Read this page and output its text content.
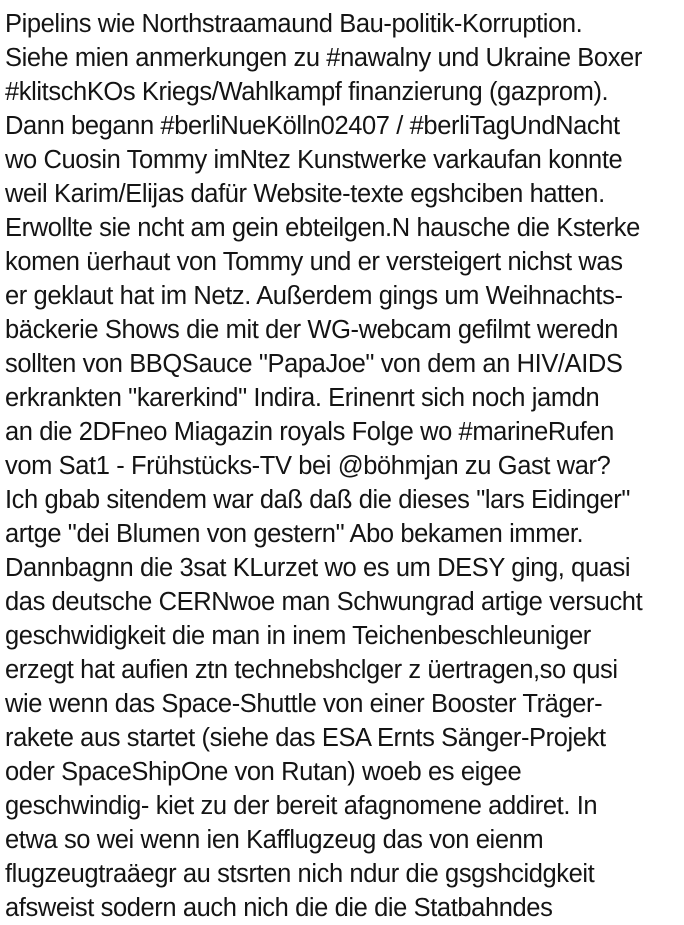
Pipelins wie Northstraamaund Bau-politik-Korruption.
Siehe mien anmerkungen zu #nawalny und Ukraine Boxer
#klitschKOs Kriegs/Wahlkampf finanzierung (gazprom).
Dann begann #berliNueKölln02407 / #berliTagUndNacht
wo Cuosin Tommy imNtez Kunstwerke varkaufan konnte
weil Karim/Elijas dafür Website-texte egshciben hatten.
Erwollte sie ncht am gein ebteilgen.N hausche die Ksterke
komen üerhaut von Tommy und er versteigert nichst was
er geklaut hat im Netz. Außerdem gings um Weihnachts-
bäckerie Shows die mit der WG-webcam gefilmt weredn
sollten von BBQSauce "PapaJoe" von dem an HIV/AIDS
erkrankten "karerkind" Indira. Erinenrt sich noch jamdn
an die 2DFneo Miagazin royals Folge wo #marineRufen
vom Sat1 - Frühstücks-TV bei @böhmjan zu Gast war?
Ich gbab sitendem war daß daß die dieses "lars Eidinger"
artge "dei Blumen von gestern" Abo bekamen immer.
Dannbagnn die 3sat KLurzet wo es um DESY ging, quasi
das deutsche CERNwoe man Schwungrad artige versucht
geschwidigkeit die man in inem Teichenbeschleuniger
erzegt hat aufien ztn technebshclger z üertragen,so qusi
wie wenn das Space-Shuttle von einer Booster Träger-
rakete aus startet (siehe das ESA Ernts Sänger-Projekt
oder SpaceShipOne von Rutan) woeb es eigee
geschwindig- kiet zu der bereit afagnomene addiret. In
etwa so wei wenn ien Kafflugzeug das von eienm
flugzeugtraäegr au stsrten nich ndur die gsgshcidgkeit
afsweist sodern auch nich die die die Statbahndes
